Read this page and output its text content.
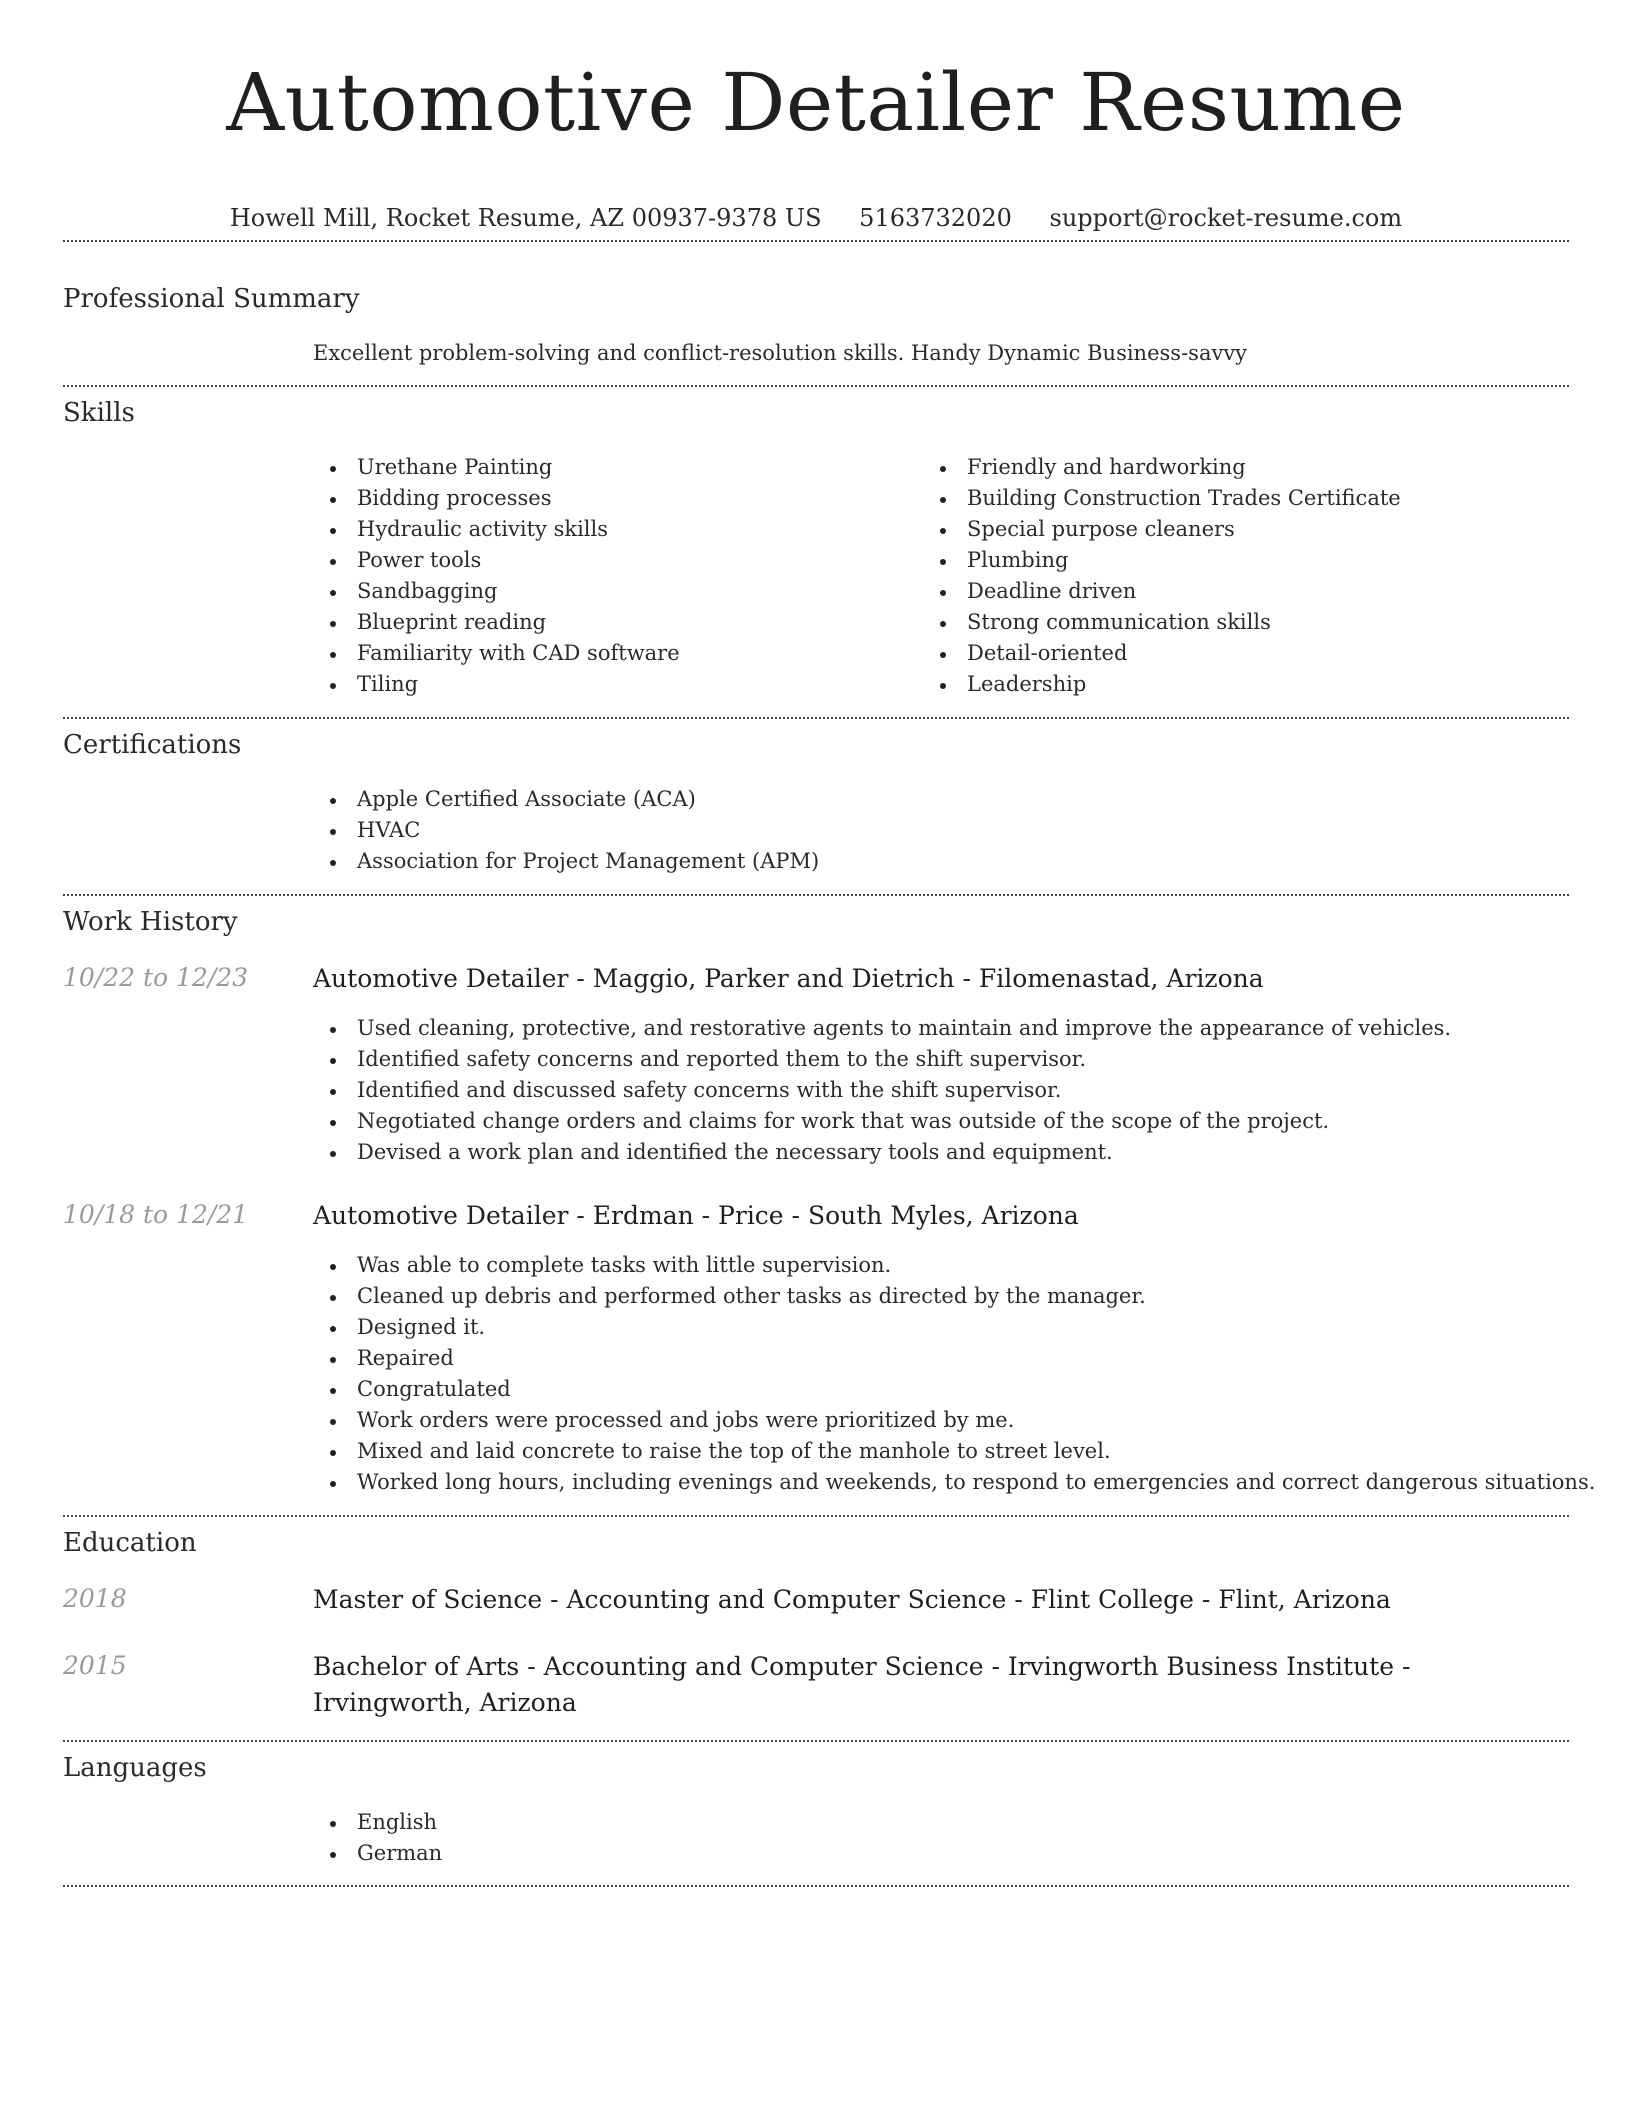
Automotive Detailer Resume
Howell Mill, Rocket Resume, AZ 00937-9378 US 5163732020 support@rocket-resume.com
Professional Summary
Excellent problem-solving and conflict-resolution skills. Handy Dynamic Business-savvy
Skills
Urethane Painting
Bidding processes
Hydraulic activity skills
Power tools
Sandbagging
Blueprint reading
Familiarity with CAD software
Tiling
Friendly and hardworking
Building Construction Trades Certificate
Special purpose cleaners
Plumbing
Deadline driven
Strong communication skills
Detail-oriented
Leadership
Certifications
Apple Certified Associate (ACA)
HVAC
Association for Project Management (APM)
Work History
10/22 to 12/23	Automotive Detailer - Maggio, Parker and Dietrich - Filomenastad, Arizona
Used cleaning, protective, and restorative agents to maintain and improve the appearance of vehicles.
Identified safety concerns and reported them to the shift supervisor.
Identified and discussed safety concerns with the shift supervisor.
Negotiated change orders and claims for work that was outside of the scope of the project.
Devised a work plan and identified the necessary tools and equipment.
10/18 to 12/21	Automotive Detailer - Erdman - Price - South Myles, Arizona
Was able to complete tasks with little supervision.
Cleaned up debris and performed other tasks as directed by the manager.
Designed it.
Repaired
Congratulated
Work orders were processed and jobs were prioritized by me.
Mixed and laid concrete to raise the top of the manhole to street level.
Worked long hours, including evenings and weekends, to respond to emergencies and correct dangerous situations.
Education
2018	Master of Science - Accounting and Computer Science - Flint College - Flint, Arizona
2015	Bachelor of Arts - Accounting and Computer Science - Irvingworth Business Institute - Irvingworth, Arizona
Languages
English
German
